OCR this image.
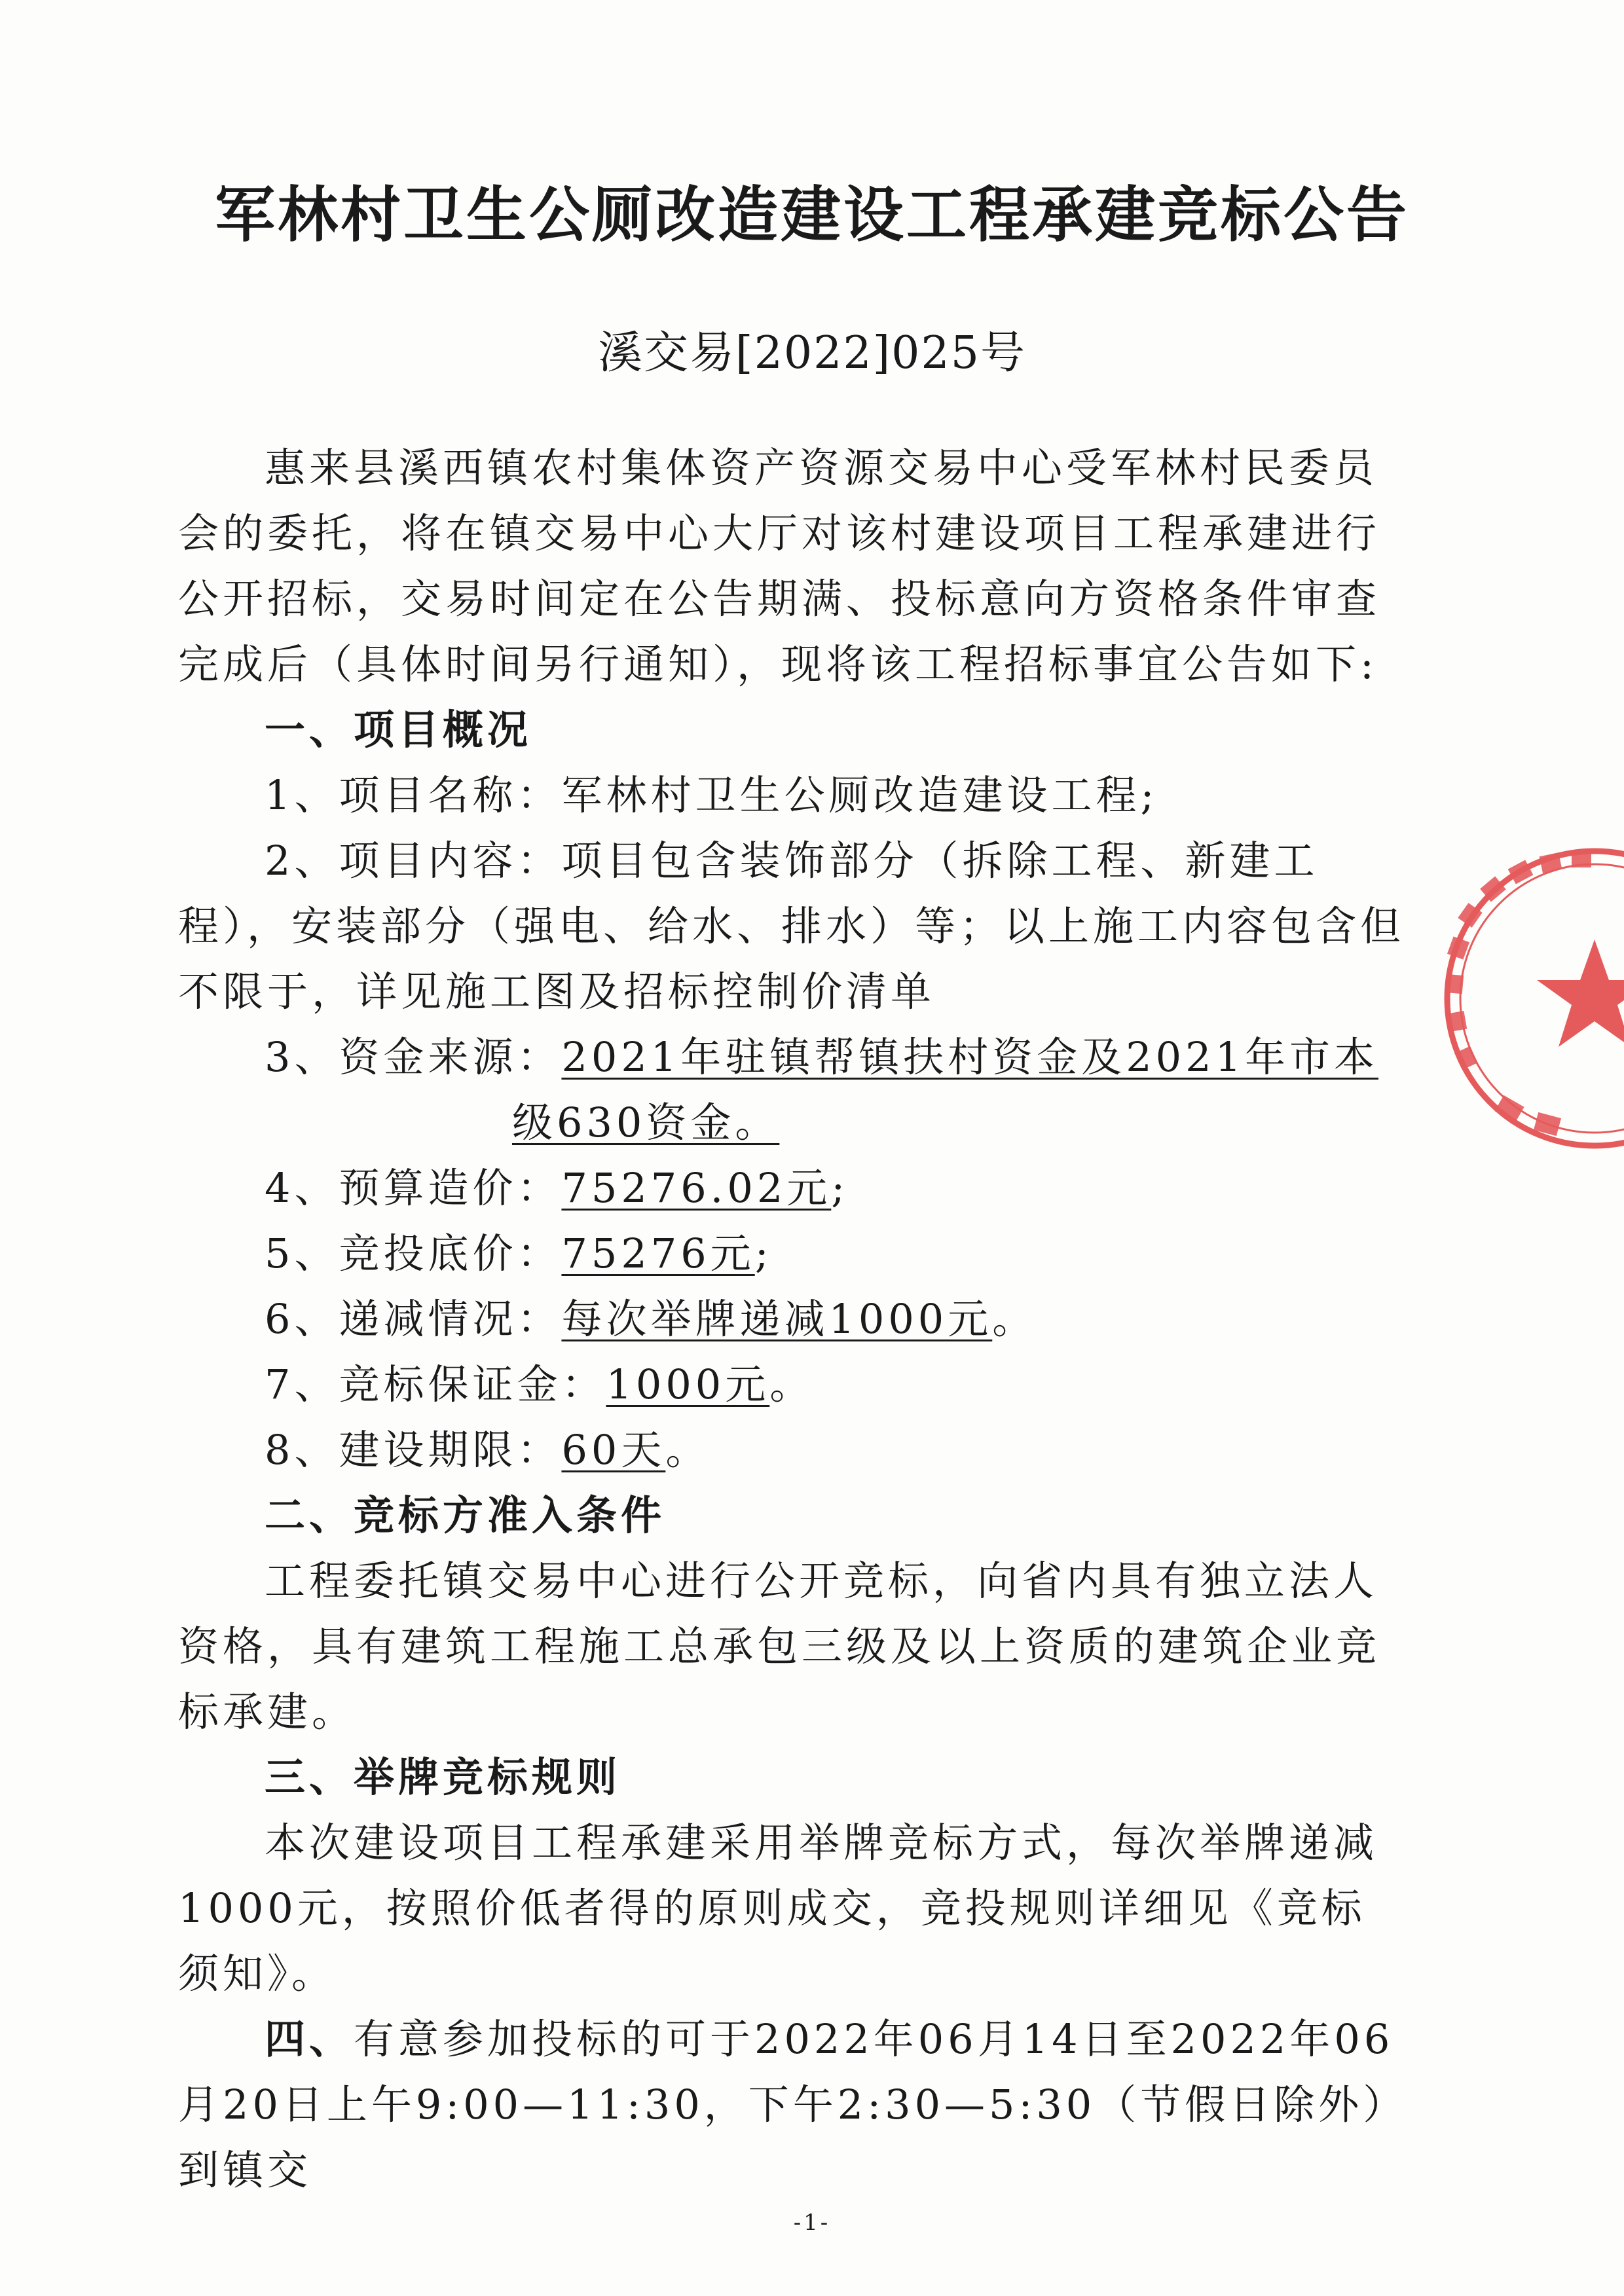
军林村卫生公厕改造建设工程承建竞标公告
溪交易[2022]025号

惠来县溪西镇农村集体资产资源交易中心受军林村民委员会的委托，将在镇交易中心大厅对该村建设项目工程承建进行公开招标，交易时间定在公告期满、投标意向方资格条件审查完成后（具体时间另行通知），现将该工程招标事宜公告如下:

一、项目概况

1、项目名称：军林村卫生公厕改造建设工程;

2、项目内容：项目包含装饰部分（拆除工程、新建工程），安装部分（强电、给水、排水）等；以上施工内容包含但不限于，详见施工图及招标控制价清单

3、资金来源：2021年驻镇帮镇扶村资金及2021年市本级630资金。

4、预算造价：75276.02元;

5、竞投底价：75276元;

6、递减情况：每次举牌递减1000元。

7、竞标保证金：1000元。

8、建设期限：60天。

二、竞标方准入条件

工程委托镇交易中心进行公开竞标，向省内具有独立法人资格，具有建筑工程施工总承包三级及以上资质的建筑企业竞标承建。

三、举牌竞标规则

本次建设项目工程承建采用举牌竞标方式，每次举牌递减1000元，按照价低者得的原则成交，竞投规则详细见《竞标须知》。

四、有意参加投标的可于2022年06月14日至2022年06月20日上午9:00—11:30，下午2:30—5:30（节假日除外）到镇交

-1-
